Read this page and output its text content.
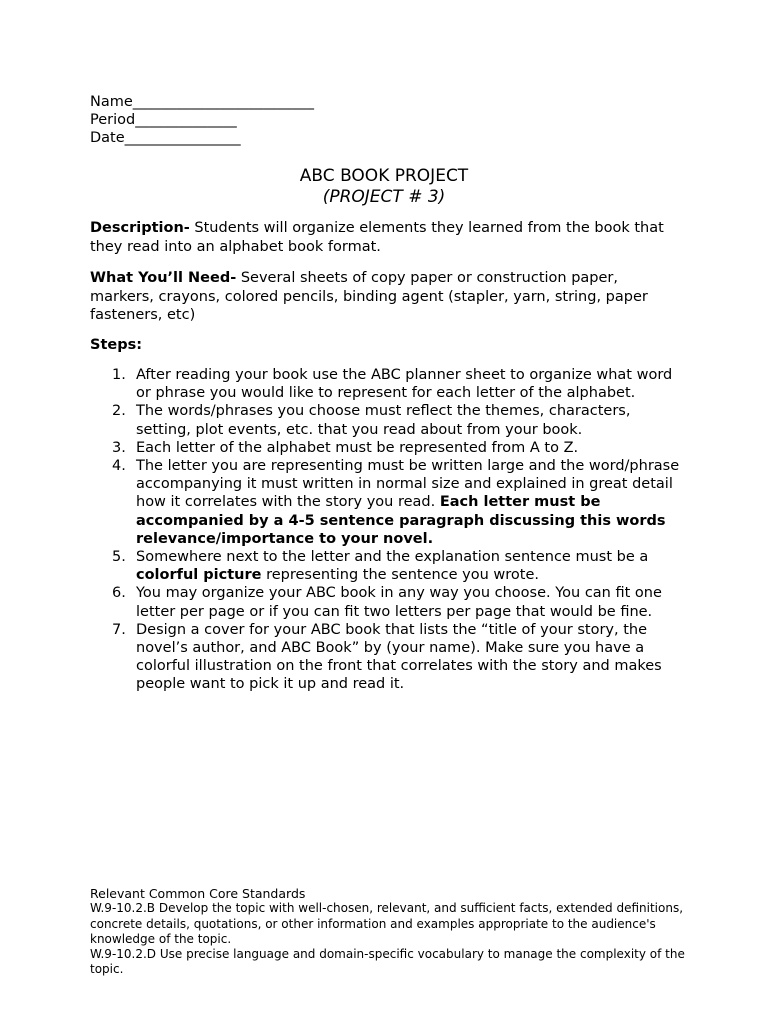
Name_________________________
Period______________
Date________________
ABC BOOK PROJECT
(PROJECT # 3)
Description- Students will organize elements they learned from the book that they read into an alphabet book format.
What You’ll Need- Several sheets of copy paper or construction paper, markers, crayons, colored pencils, binding agent (stapler, yarn, string, paper fasteners, etc)
Steps:
1. After reading your book use the ABC planner sheet to organize what word or phrase you would like to represent for each letter of the alphabet.
2. The words/phrases you choose must reflect the themes, characters, setting, plot events, etc. that you read about from your book.
3. Each letter of the alphabet must be represented from A to Z.
4. The letter you are representing must be written large and the word/phrase accompanying it must written in normal size and explained in great detail how it correlates with the story you read. Each letter must be accompanied by a 4-5 sentence paragraph discussing this words relevance/importance to your novel.
5. Somewhere next to the letter and the explanation sentence must be a colorful picture representing the sentence you wrote.
6. You may organize your ABC book in any way you choose. You can fit one letter per page or if you can fit two letters per page that would be fine.
7. Design a cover for your ABC book that lists the “title of your story, the novel’s author, and ABC Book” by (your name). Make sure you have a colorful illustration on the front that correlates with the story and makes people want to pick it up and read it.
Relevant Common Core Standards
W.9-10.2.B Develop the topic with well-chosen, relevant, and sufficient facts, extended definitions, concrete details, quotations, or other information and examples appropriate to the audience's knowledge of the topic.
W.9-10.2.D Use precise language and domain-specific vocabulary to manage the complexity of the topic.
